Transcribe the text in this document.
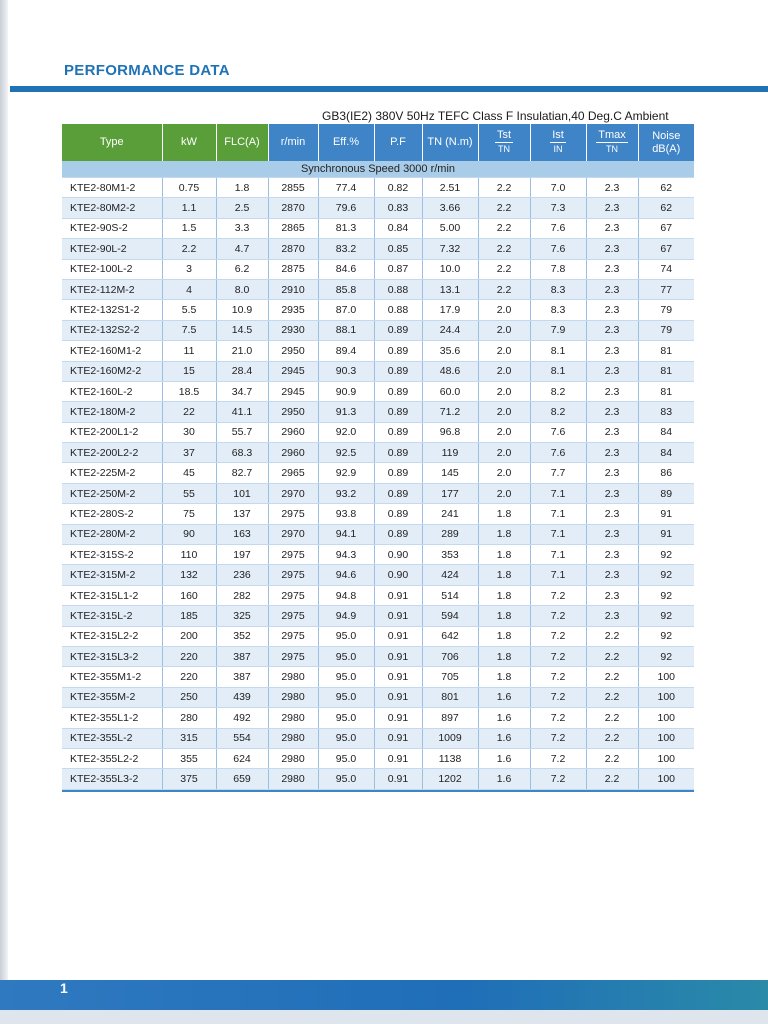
PERFORMANCE DATA
GB3(IE2) 380V 50Hz TEFC Class F Insulatian,40 Deg.C Ambient
Type	kW	FLC(A)	r/min	Eff.%	P.F	TN (N.m)	$\frac{\text{Tst}}{TN}$	$\frac{\text{Ist}}{IN}$	$\frac{Tmax}{TN}$	Noise
dB(A)
Synchronous Speed 3000 r/min										
KTE2-80M1-2	0.75	1.8	2855	77.4	0.82	2.51	2.2	7.0	2.3	62
KTE2-80M2-2	1.1	2.5	2870	79.6	0.83	3.66	2.2	7.3	2.3	62
KTE2-90S-2	1.5	3.3	2865	81.3	0.84	5.00	2.2	7.6	2.3	67
KTE2-90L-2	2.2	4.7	2870	83.2	0.85	7.32	2.2	7.6	2.3	67
KTE2-100L-2	3	6.2	2875	84.6	0.87	10.0	2.2	7.8	2.3	74
KTE2-112M-2	4	8.0	2910	85.8	0.88	13.1	2.2	8.3	2.3	77
KTE2-132S1-2	5.5	10.9	2935	87.0	0.88	17.9	2.0	8.3	2.3	79
KTE2-132S2-2	7.5	14.5	2930	88.1	0.89	24.4	2.0	7.9	2.3	79
KTE2-160M1-2	11	21.0	2950	89.4	0.89	35.6	2.0	8.1	2.3	81
KTE2-160M2-2	15	28.4	2945	90.3	0.89	48.6	2.0	8.1	2.3	81
KTE2-160L-2	18.5	34.7	2945	90.9	0.89	60.0	2.0	8.2	2.3	81
KTE2-180M-2	22	41.1	2950	91.3	0.89	71.2	2.0	8.2	2.3	83
KTE2-200L1-2	30	55.7	2960	92.0	0.89	96.8	2.0	7.6	2.3	84
KTE2-200L2-2	37	68.3	2960	92.5	0.89	119	2.0	7.6	2.3	84
KTE2-225M-2	45	82.7	2965	92.9	0.89	145	2.0	7.7	2.3	86
KTE2-250M-2	55	101	2970	93.2	0.89	177	2.0	7.1	2.3	89
KTE2-280S-2	75	137	2975	93.8	0.89	241	1.8	7.1	2.3	91
KTE2-280M-2	90	163	2970	94.1	0.89	289	1.8	7.1	2.3	91
KTE2-315S-2	110	197	2975	94.3	0.90	353	1.8	7.1	2.3	92
KTE2-315M-2	132	236	2975	94.6	0.90	424	1.8	7.1	2.3	92
KTE2-315L1-2	160	282	2975	94.8	0.91	514	1.8	7.2	2.3	92
KTE2-315L-2	185	325	2975	94.9	0.91	594	1.8	7.2	2.3	92
KTE2-315L2-2	200	352	2975	95.0	0.91	642	1.8	7.2	2.2	92
KTE2-315L3-2	220	387	2975	95.0	0.91	706	1.8	7.2	2.2	92
KTE2-355M1-2	220	387	2980	95.0	0.91	705	1.8	7.2	2.2	100
KTE2-355M-2	250	439	2980	95.0	0.91	801	1.6	7.2	2.2	100
KTE2-355L1-2	280	492	2980	95.0	0.91	897	1.6	7.2	2.2	100
KTE2-355L-2	315	554	2980	95.0	0.91	1009	1.6	7.2	2.2	100
KTE2-355L2-2	355	624	2980	95.0	0.91	1138	1.6	7.2	2.2	100
KTE2-355L3-2	375	659	2980	95.0	0.91	1202	1.6	7.2	2.2	100
1
